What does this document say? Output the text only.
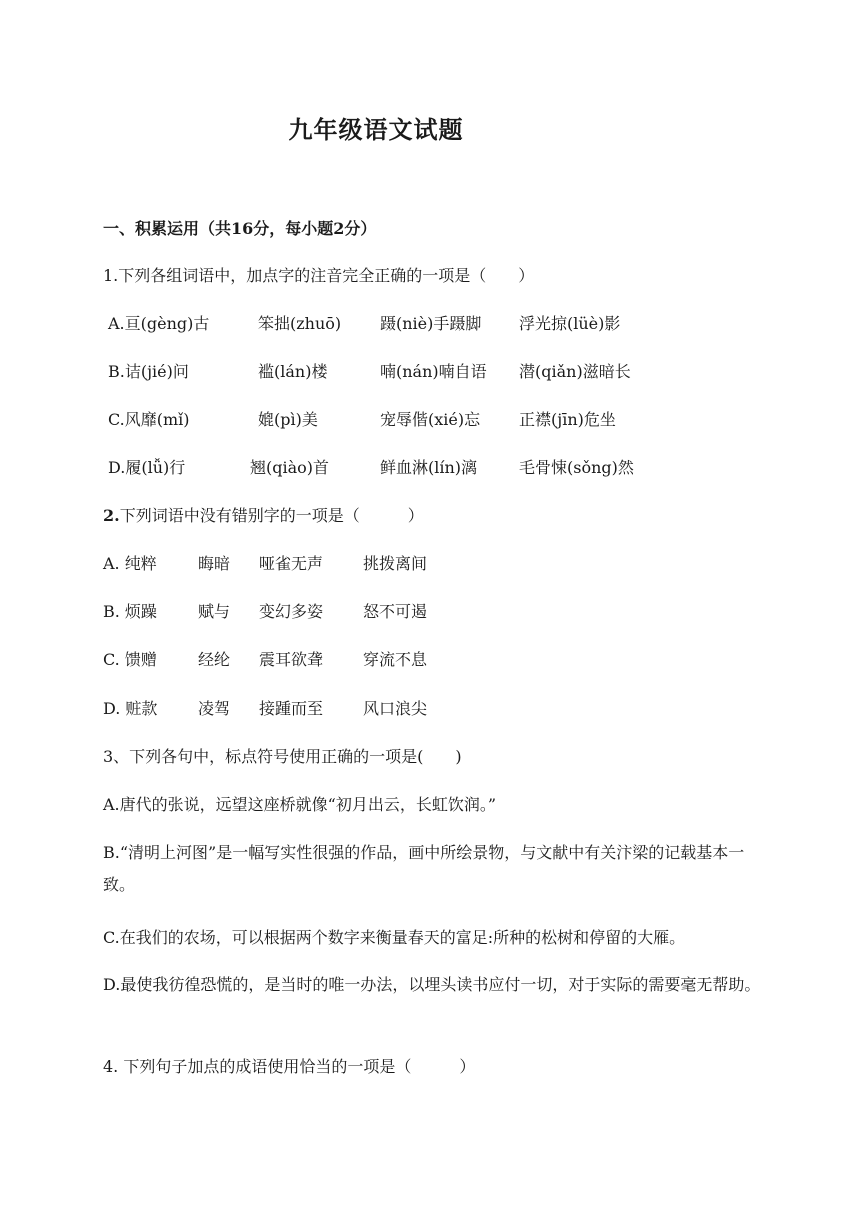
九年级语文试题
一、积累运用（共16分，每小题2分）
1.下列各组词语中，加点字的注音完全正确的一项是（　　）
A.亘(gèng)古	笨拙(zhuō) 蹑(niè)手蹑脚 浮光掠(lüè)影
B.诘(jié)问	褴(lán)楼	喃(nán)喃自语 潜(qiǎn)滋暗长
C.风靡(mǐ)	媲(pì)美	宠辱偕(xié)忘 正襟(jīn)危坐
D.履(lǚ)行	翘(qiào)首	鲜血淋(lín)漓	毛骨悚(sǒng)然
2.下列词语中没有错别字的一项是（　　　）
A. 纯粹	晦暗 哑雀无声 挑拨离间
B. 烦躁	赋与 变幻多姿 怒不可遏
C. 馈赠	经纶 震耳欲聋 穿流不息
D. 赃款	凌驾 接踵而至 风口浪尖
3、下列各句中，标点符号使用正确的一项是(　　)
A.唐代的张说，远望这座桥就像“初月出云，长虹饮润。”
B.“清明上河图”是一幅写实性很强的作品，画中所绘景物，与文献中有关汴梁的记载基本一致。
C.在我们的农场，可以根据两个数字来衡量春天的富足:所种的松树和停留的大雁。
D.最使我彷徨恐慌的，是当时的唯一办法，以埋头读书应付一切，对于实际的需要毫无帮助。
4. 下列句子加点的成语使用恰当的一项是（　　　）
